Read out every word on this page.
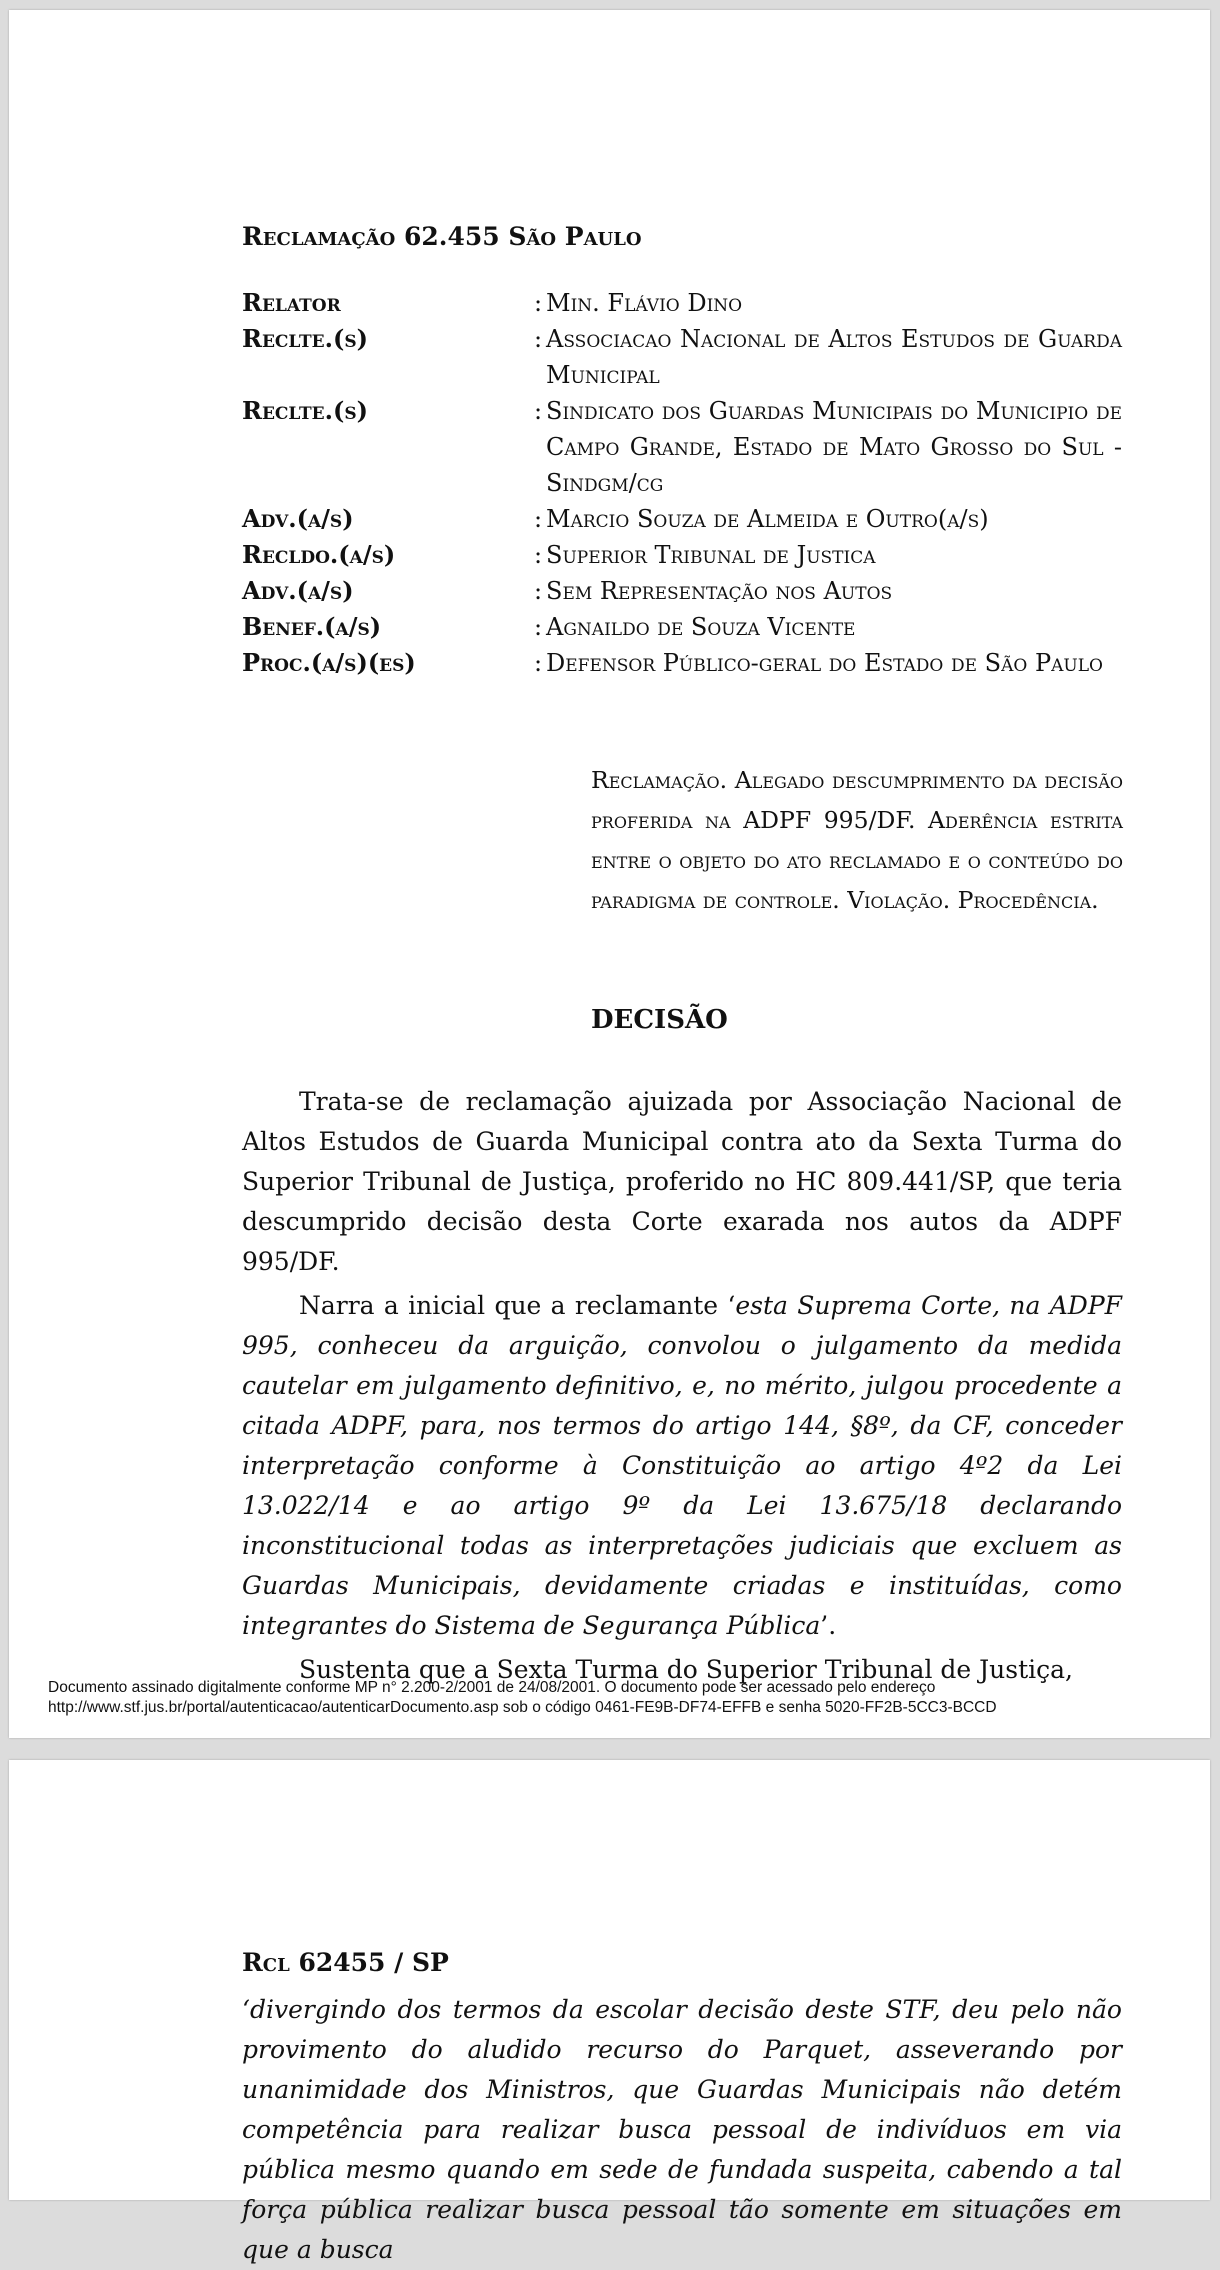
Reclamação 62.455 São Paulo
Relator	: Min. Flávio Dino
Reclte.(s)	: Associacao Nacional de Altos Estudos de Guarda Municipal
Reclte.(s)	: Sindicato dos Guardas Municipais do Municipio de Campo Grande, Estado de Mato Grosso do Sul - Sindgm/cg
Adv.(a/s)	: Marcio Souza de Almeida e Outro(a/s)
Recldo.(a/s)	: Superior Tribunal de Justica
Adv.(a/s)	: Sem Representação nos Autos
Benef.(a/s)	: Agnaildo de Souza Vicente
Proc.(a/s)(es)	: Defensor Público-geral do Estado de São Paulo
Reclamação. Alegado descumprimento da decisão proferida na ADPF 995/DF. Aderência estrita entre o objeto do ato reclamado e o conteúdo do paradigma de controle. Violação. Procedência.
DECISÃO

Trata-se de reclamação ajuizada por Associação Nacional de Altos Estudos de Guarda Municipal contra ato da Sexta Turma do Superior Tribunal de Justiça, proferido no HC 809.441/SP, que teria descumprido decisão desta Corte exarada nos autos da ADPF 995/DF.

Narra a inicial que a reclamante ‘esta Suprema Corte, na ADPF 995, conheceu da arguição, convolou o julgamento da medida cautelar em julgamento definitivo, e, no mérito, julgou procedente a citada ADPF, para, nos termos do artigo 144, §8º, da CF, conceder interpretação conforme à Constituição ao artigo 4º2 da Lei 13.022/14 e ao artigo 9º da Lei 13.675/18 declarando inconstitucional todas as interpretações judiciais que excluem as Guardas Municipais, devidamente criadas e instituídas, como integrantes do Sistema de Segurança Pública’.

Sustenta que a Sexta Turma do Superior Tribunal de Justiça,

Documento assinado digitalmente conforme MP n° 2.200-2/2001 de 24/08/2001. O documento pode ser acessado pelo endereço
http://www.stf.jus.br/portal/autenticacao/autenticarDocumento.asp sob o código 0461-FE9B-DF74-EFFB e senha 5020-FF2B-5CC3-BCCD
Rcl 62455 / SP
‘divergindo dos termos da escolar decisão deste STF, deu pelo não provimento do aludido recurso do Parquet, asseverando por unanimidade dos Ministros, que Guardas Municipais não detém competência para realizar busca pessoal de indivíduos em via pública mesmo quando em sede de fundada suspeita, cabendo a tal força pública realizar busca pessoal tão somente em situações em que a busca
